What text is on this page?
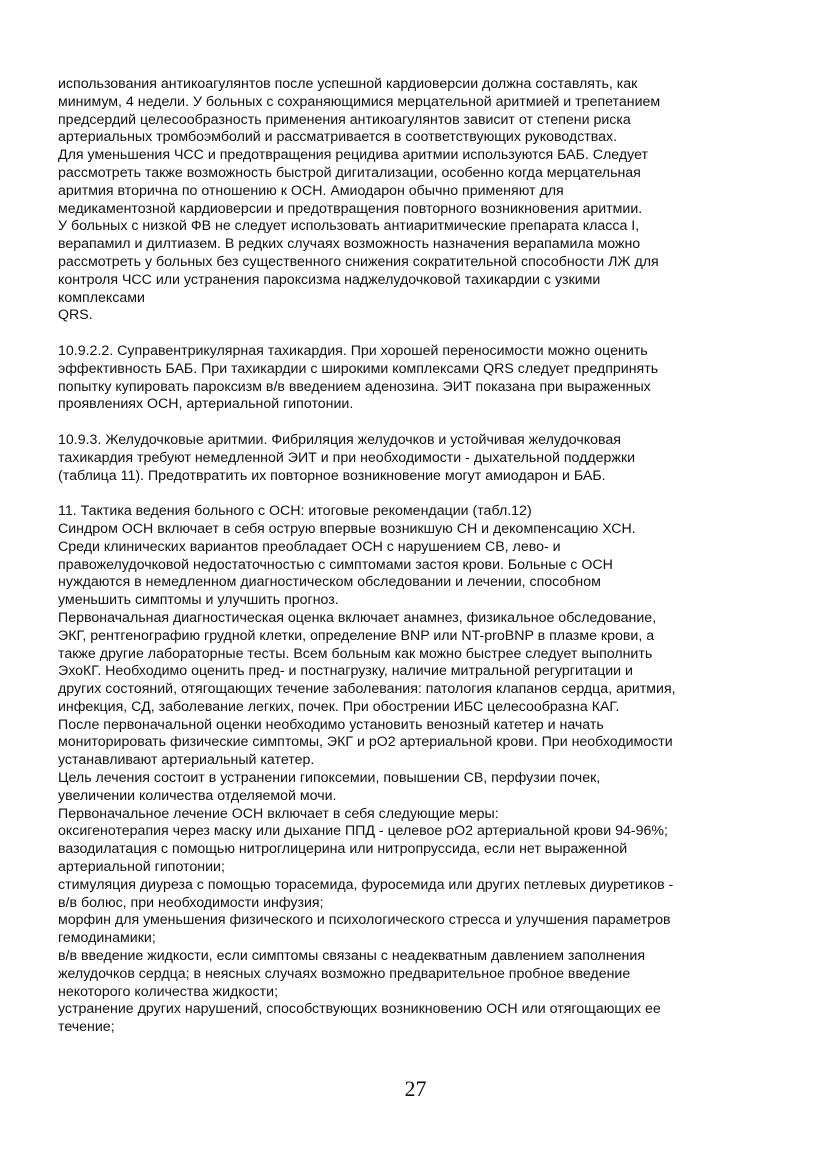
использования антикоагулянтов после успешной кардиоверсии должна составлять, как
минимум, 4 недели. У больных с сохраняющимися мерцательной аритмией и трепетанием
предсердий целесообразность применения антикоагулянтов зависит от степени риска
артериальных тромбоэмболий и рассматривается в соответствующих руководствах.
Для уменьшения ЧСС и предотвращения рецидива аритмии используются БАБ. Следует
рассмотреть также возможность быстрой дигитализации, особенно когда мерцательная
аритмия вторична по отношению к ОСН. Амиодарон обычно применяют для
медикаментозной кардиоверсии и предотвращения повторного возникновения аритмии.
У больных с низкой ФВ не следует использовать антиаритмические препарата класса I,
верапамил и дилтиазем. В редких случаях возможность назначения верапамила можно
рассмотреть у больных без существенного снижения сократительной способности ЛЖ для
контроля ЧСС или устранения пароксизма наджелудочковой тахикардии с узкими
комплексами
QRS.
10.9.2.2. Суправентрикулярная тахикардия. При хорошей переносимости можно оценить
эффективность БАБ. При тахикардии с широкими комплексами QRS следует предпринять
попытку купировать пароксизм в/в введением аденозина. ЭИТ показана при выраженных
проявлениях ОСН, артериальной гипотонии.
10.9.3. Желудочковые аритмии. Фибриляция желудочков и устойчивая желудочковая
тахикардия требуют немедленной ЭИТ и при необходимости - дыхательной поддержки
(таблица 11). Предотвратить их повторное возникновение могут амиодарон и БАБ.
11. Тактика ведения больного с ОСН: итоговые рекомендации (табл.12)
Синдром ОСН включает в себя острую впервые возникшую СН и декомпенсацию ХСН.
Среди клинических вариантов преобладает ОСН с нарушением СВ, лево- и
правожелудочковой недостаточностью с симптомами застоя крови. Больные с ОСН
нуждаются в немедленном диагностическом обследовании и лечении, способном
уменьшить симптомы и улучшить прогноз.
Первоначальная диагностическая оценка включает анамнез, физикальное обследование,
ЭКГ, рентгенографию грудной клетки, определение BNP или NT-proBNP в плазме крови, а
также другие лабораторные тесты. Всем больным как можно быстрее следует выполнить
ЭхоКГ. Необходимо оценить пред- и постнагрузку, наличие митральной регургитации и
других состояний, отягощающих течение заболевания: патология клапанов сердца, аритмия,
инфекция, СД, заболевание легких, почек. При обострении ИБС целесообразна КАГ.
После первоначальной оценки необходимо установить венозный катетер и начать
мониторировать физические симптомы, ЭКГ и pO2 артериальной крови. При необходимости
устанавливают артериальный катетер.
Цель лечения состоит в устранении гипоксемии, повышении СВ, перфузии почек,
увеличении количества отделяемой мочи.
Первоначальное лечение ОСН включает в себя следующие меры:
оксигенотерапия через маску или дыхание ППД - целевое pO2 артериальной крови 94-96%;
вазодилатация с помощью нитроглицерина или нитропруссида, если нет выраженной
артериальной гипотонии;
стимуляция диуреза с помощью торасемида, фуросемида или других петлевых диуретиков -
в/в болюс, при необходимости инфузия;
морфин для уменьшения физического и психологического стресса и улучшения параметров
гемодинамики;
в/в введение жидкости, если симптомы связаны с неадекватным давлением заполнения
желудочков сердца; в неясных случаях возможно предварительное пробное введение
некоторого количества жидкости;
устранение других нарушений, способствующих возникновению ОСН или отягощающих ее
течение;
27
